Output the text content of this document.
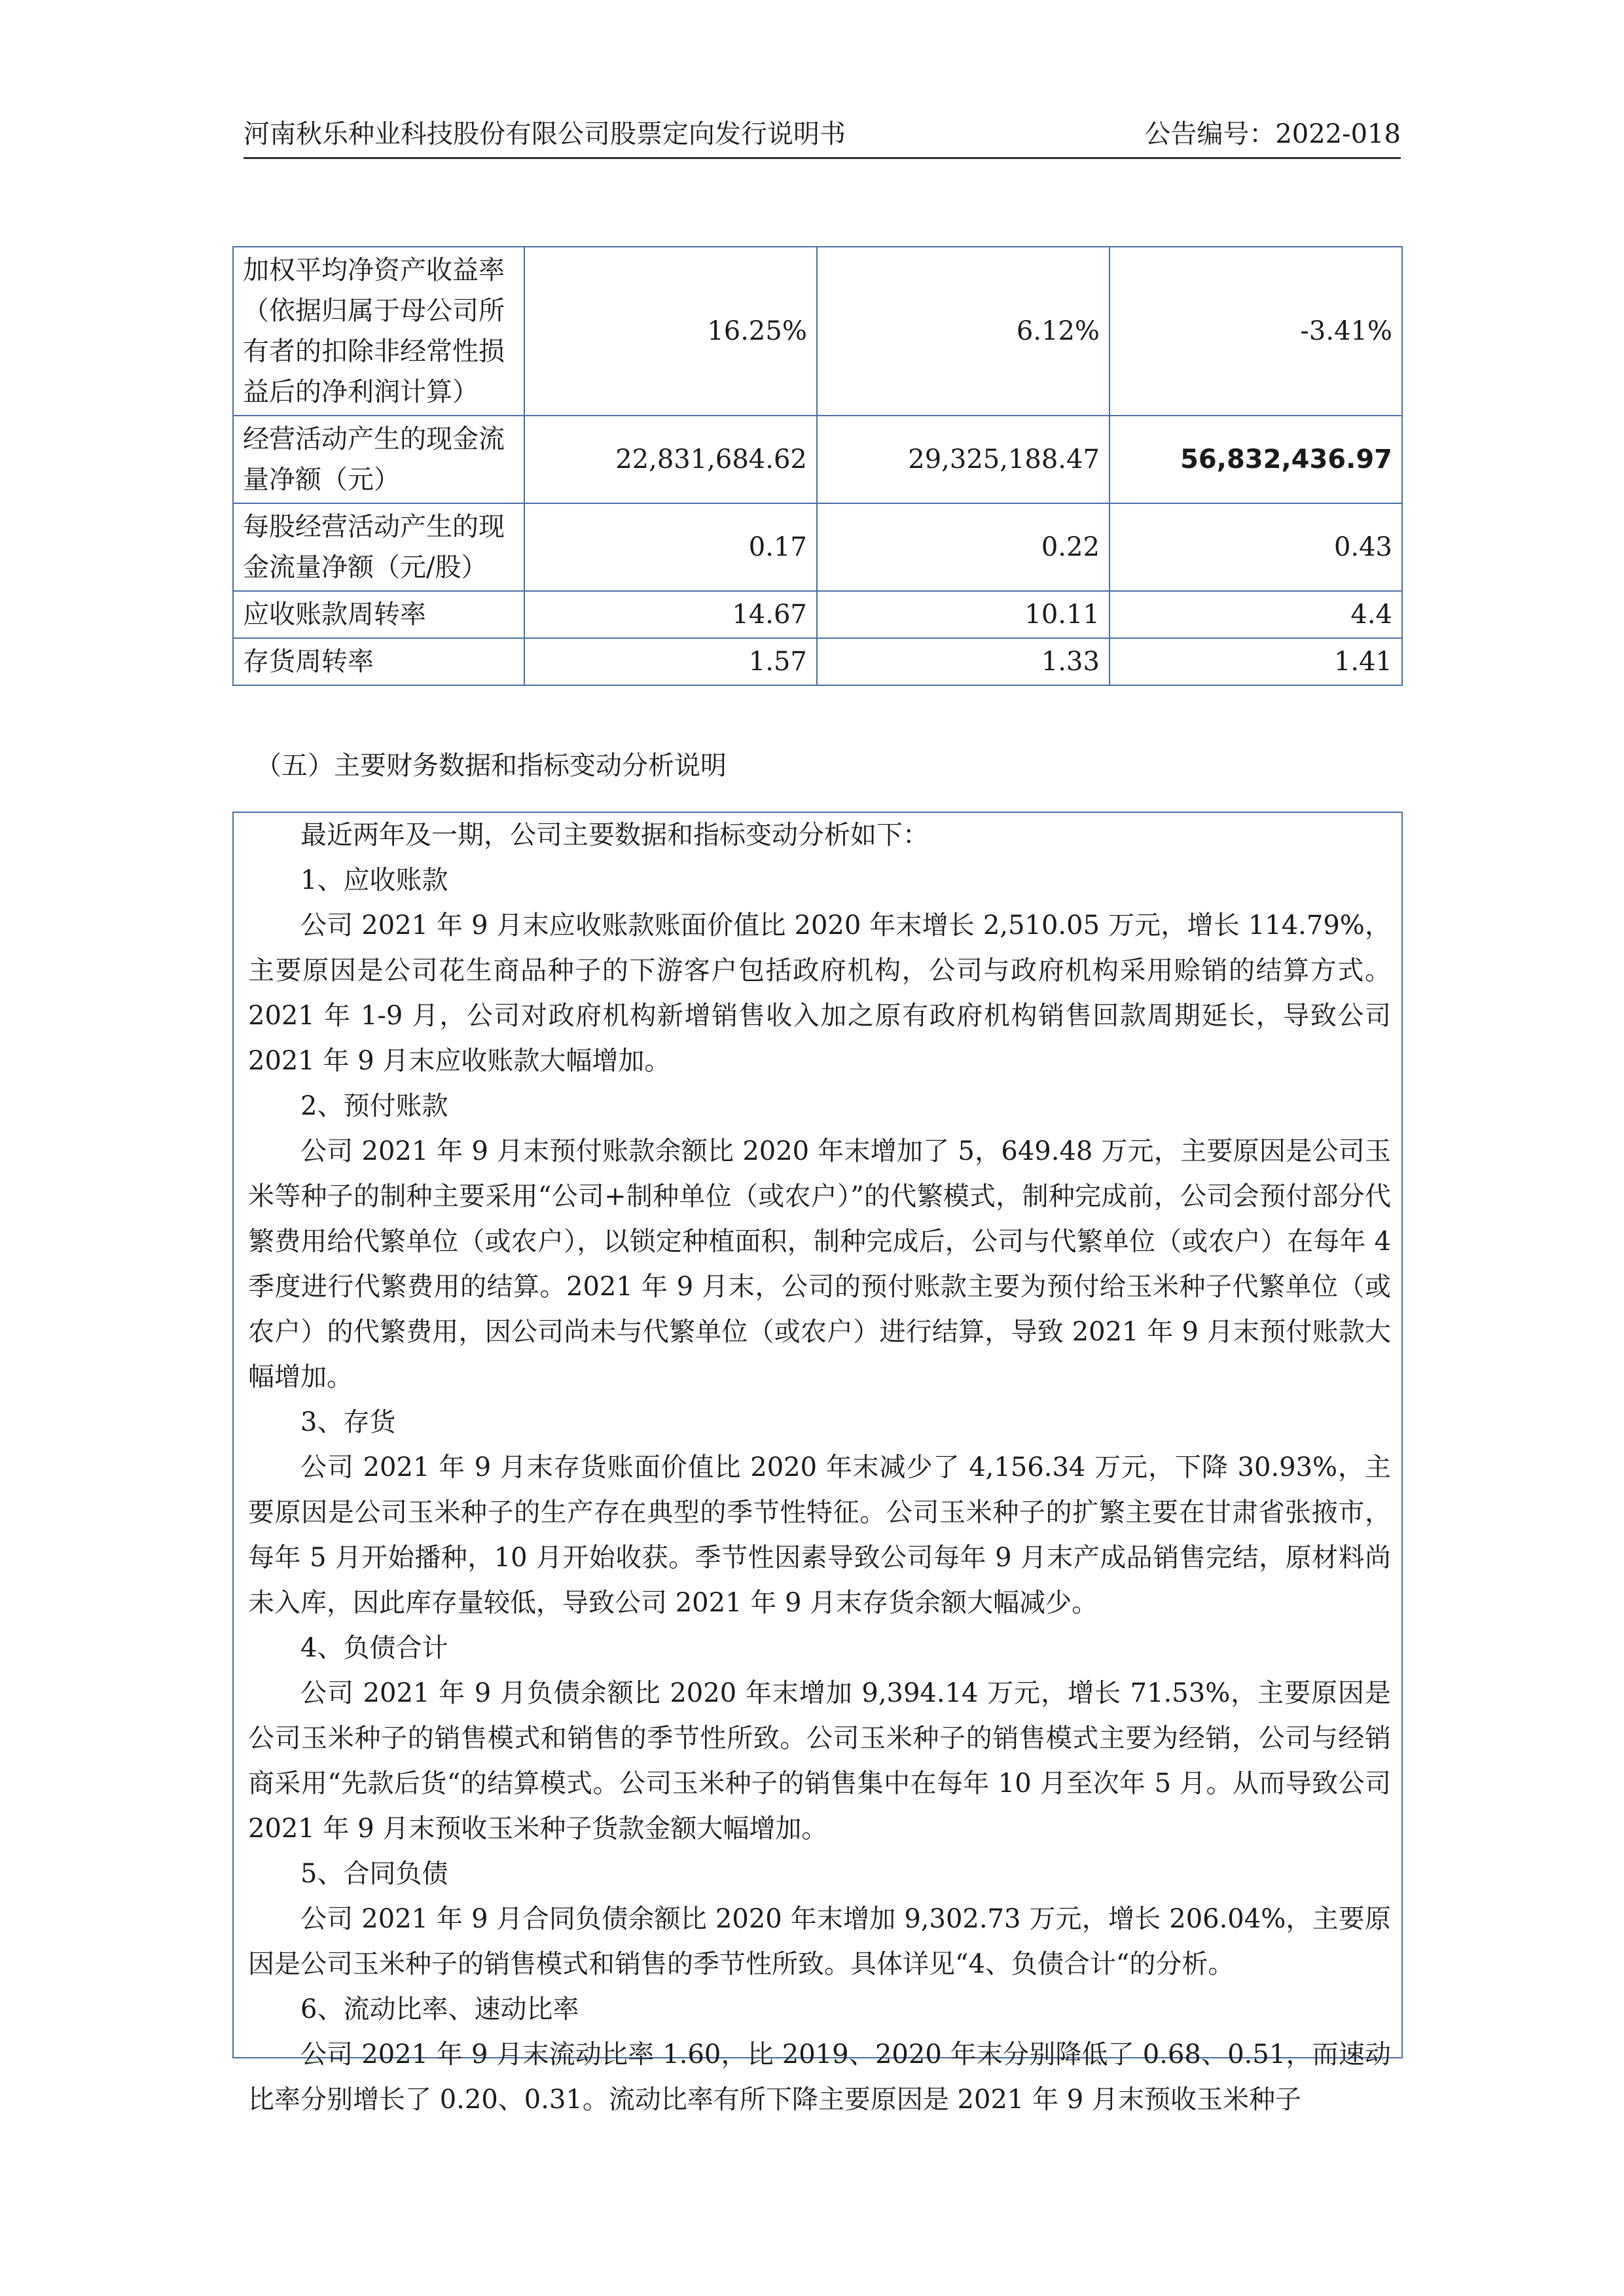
河南秋乐种业科技股份有限公司股票定向发行说明书	公告编号：2022-018
加权平均净资产收益率（依据归属于母公司所有者的扣除非经常性损益后的净利润计算）	16.25%	6.12%	-3.41%
经营活动产生的现金流量净额（元）	22,831,684.62	29,325,188.47	56,832,436.97
每股经营活动产生的现金流量净额（元/股）	0.17	0.22	0.43
应收账款周转率	14.67	10.11	4.4
存货周转率	1.57	1.33	1.41
（五）主要财务数据和指标变动分析说明

最近两年及一期，公司主要数据和指标变动分析如下：

1、应收账款

公司 2021 年 9 月末应收账款账面价值比 2020 年末增长 2,510.05 万元，增长 114.79%，主要原因是公司花生商品种子的下游客户包括政府机构，公司与政府机构采用赊销的结算方式。2021 年 1-9 月，公司对政府机构新增销售收入加之原有政府机构销售回款周期延长，导致公司 2021 年 9 月末应收账款大幅增加。

2、预付账款

公司 2021 年 9 月末预付账款余额比 2020 年末增加了 5，649.48 万元，主要原因是公司玉米等种子的制种主要采用“公司+制种单位（或农户）”的代繁模式，制种完成前，公司会预付部分代繁费用给代繁单位（或农户），以锁定种植面积，制种完成后，公司与代繁单位（或农户）在每年 4 季度进行代繁费用的结算。2021 年 9 月末，公司的预付账款主要为预付给玉米种子代繁单位（或农户）的代繁费用，因公司尚未与代繁单位（或农户）进行结算，导致 2021 年 9 月末预付账款大幅增加。

3、存货

公司 2021 年 9 月末存货账面价值比 2020 年末减少了 4,156.34 万元，下降 30.93%，主要原因是公司玉米种子的生产存在典型的季节性特征。公司玉米种子的扩繁主要在甘肃省张掖市，每年 5 月开始播种，10 月开始收获。季节性因素导致公司每年 9 月末产成品销售完结，原材料尚未入库，因此库存量较低，导致公司 2021 年 9 月末存货余额大幅减少。

4、负债合计

公司 2021 年 9 月负债余额比 2020 年末增加 9,394.14 万元，增长 71.53%，主要原因是公司玉米种子的销售模式和销售的季节性所致。公司玉米种子的销售模式主要为经销，公司与经销商采用“先款后货“的结算模式。公司玉米种子的销售集中在每年 10 月至次年 5 月。从而导致公司 2021 年 9 月末预收玉米种子货款金额大幅增加。

5、合同负债

公司 2021 年 9 月合同负债余额比 2020 年末增加 9,302.73 万元，增长 206.04%，主要原因是公司玉米种子的销售模式和销售的季节性所致。具体详见“4、负债合计“的分析。

6、流动比率、速动比率

公司 2021 年 9 月末流动比率 1.60，比 2019、2020 年末分别降低了 0.68、0.51，而速动比率分别增长了 0.20、0.31。流动比率有所下降主要原因是 2021 年 9 月末预收玉米种子
